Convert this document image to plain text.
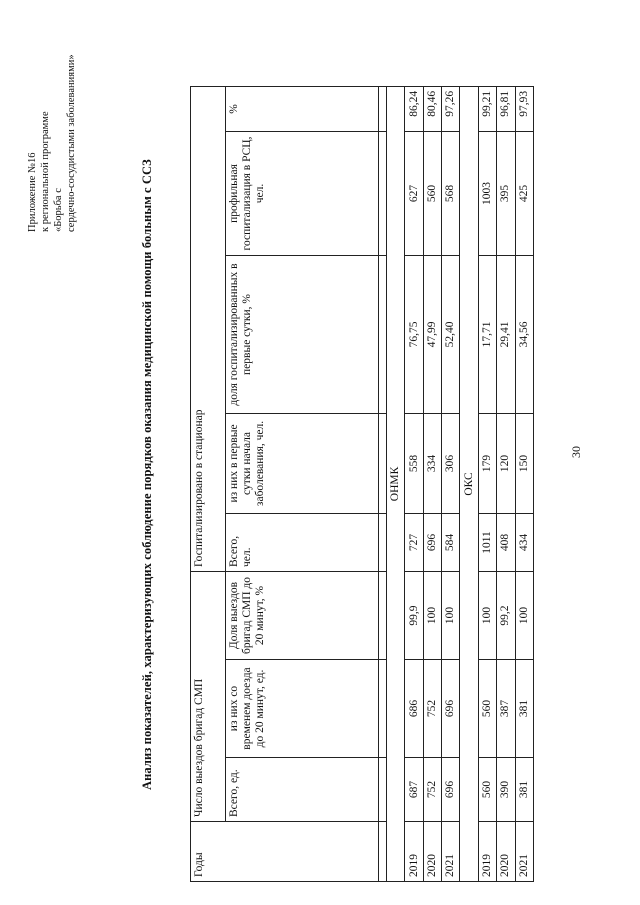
Приложение №16 к региональной программе «Борьба с сердечно-сосудистыми заболеваниями»
Анализ показателей, характеризующих соблюдение порядков оказания медицинской помощи больным с ССЗ	30
Годы	Число выездов бригад СМП			Госпитализировано в стационар				
	Всего, ед.	из них со временем доезда до 20 минут, ед.	Доля выездов бригад СМП до 20 минут, %	Всего, чел.	из них в первые сутки начала заболевания, чел.	доля госпитализированных в первые сутки, %	профильная госпитализация в РСЦ, чел.	%

ОНМК								
2019	687	686	99,9	727	558	76,75	627	86,24
2020	752	752	100	696	334	47,99	560	80,46
2021	696	696	100	584	306	52,40	568	97,26
ОКС								
2019	560	560	100	1011	179	17,71	1003	99,21
2020	390	387	99,2	408	120	29,41	395	96,81
2021	381	381	100	434	150	34,56	425	97,93
